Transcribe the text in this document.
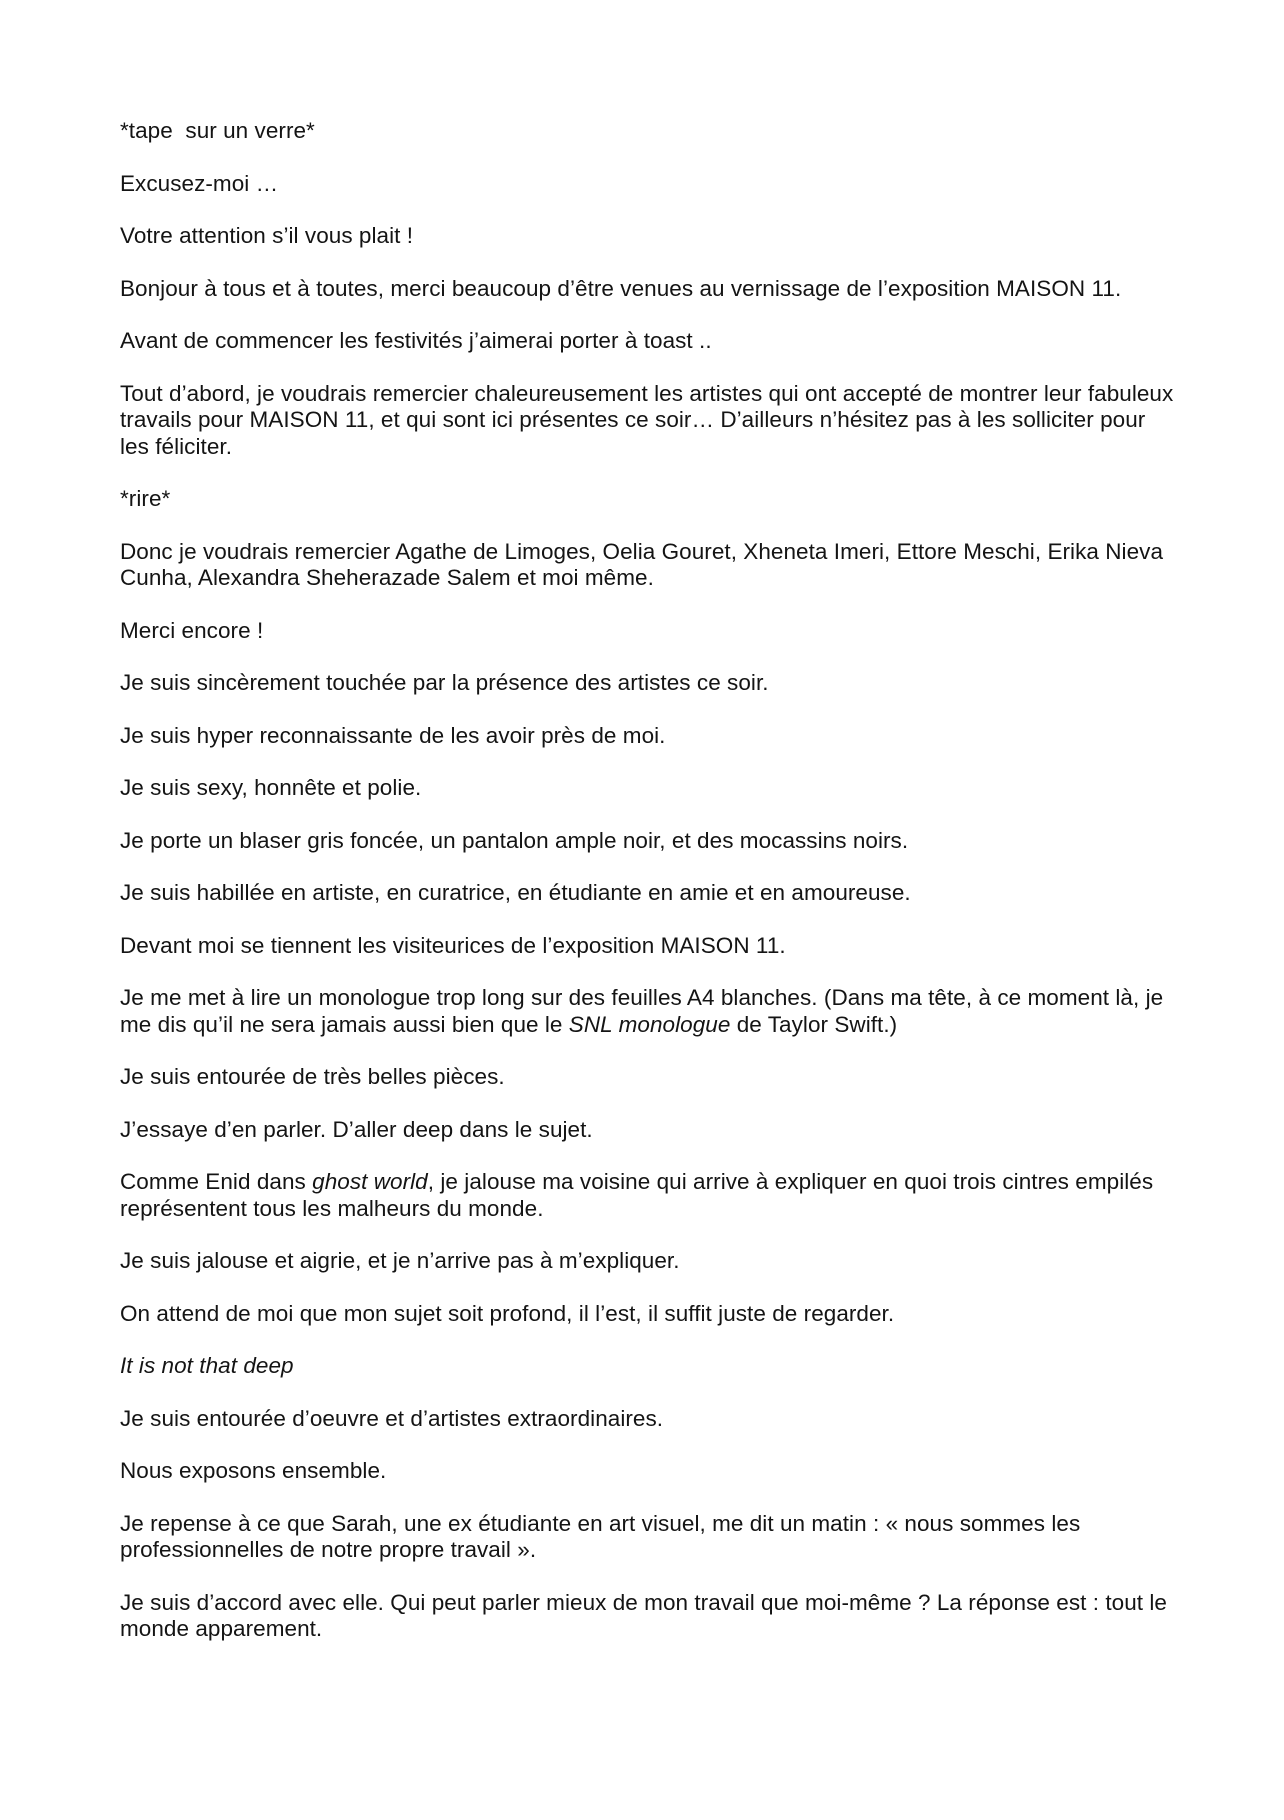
*tape  sur un verre*

Excusez-moi …

Votre attention s’il vous plait !

Bonjour à tous et à toutes, merci beaucoup d’être venues au vernissage de l’exposition MAISON 11.

Avant de commencer les festivités j’aimerai porter à toast ..

Tout d’abord, je voudrais remercier chaleureusement les artistes qui ont accepté de montrer leur fabuleux travails pour MAISON 11, et qui sont ici présentes ce soir… D’ailleurs n’hésitez pas à les solliciter pour les féliciter.

*rire*

Donc je voudrais remercier Agathe de Limoges, Oelia Gouret, Xheneta Imeri, Ettore Meschi, Erika Nieva Cunha, Alexandra Sheherazade Salem et moi même.

Merci encore !

Je suis sincèrement touchée par la présence des artistes ce soir.

Je suis hyper reconnaissante de les avoir près de moi.

Je suis sexy, honnête et polie.

Je porte un blaser gris foncée, un pantalon ample noir, et des mocassins noirs.

Je suis habillée en artiste, en curatrice, en étudiante en amie et en amoureuse.

Devant moi se tiennent les visiteurices de l’exposition MAISON 11.

Je me met à lire un monologue trop long sur des feuilles A4 blanches. (Dans ma tête, à ce moment là, je me dis qu’il ne sera jamais aussi bien que le SNL monologue de Taylor Swift.)

Je suis entourée de très belles pièces.

J’essaye d’en parler. D’aller deep dans le sujet.

Comme Enid dans ghost world, je jalouse ma voisine qui arrive à expliquer en quoi trois cintres empilés représentent tous les malheurs du monde.

Je suis jalouse et aigrie, et je n’arrive pas à m’expliquer.

On attend de moi que mon sujet soit profond, il l’est, il suffit juste de regarder.

It is not that deep

Je suis entourée d’oeuvre et d’artistes extraordinaires.

Nous exposons ensemble.

Je repense à ce que Sarah, une ex étudiante en art visuel, me dit un matin : « nous sommes les professionnelles de notre propre travail ».

Je suis d’accord avec elle. Qui peut parler mieux de mon travail que moi-même ? La réponse est : tout le monde apparement.
